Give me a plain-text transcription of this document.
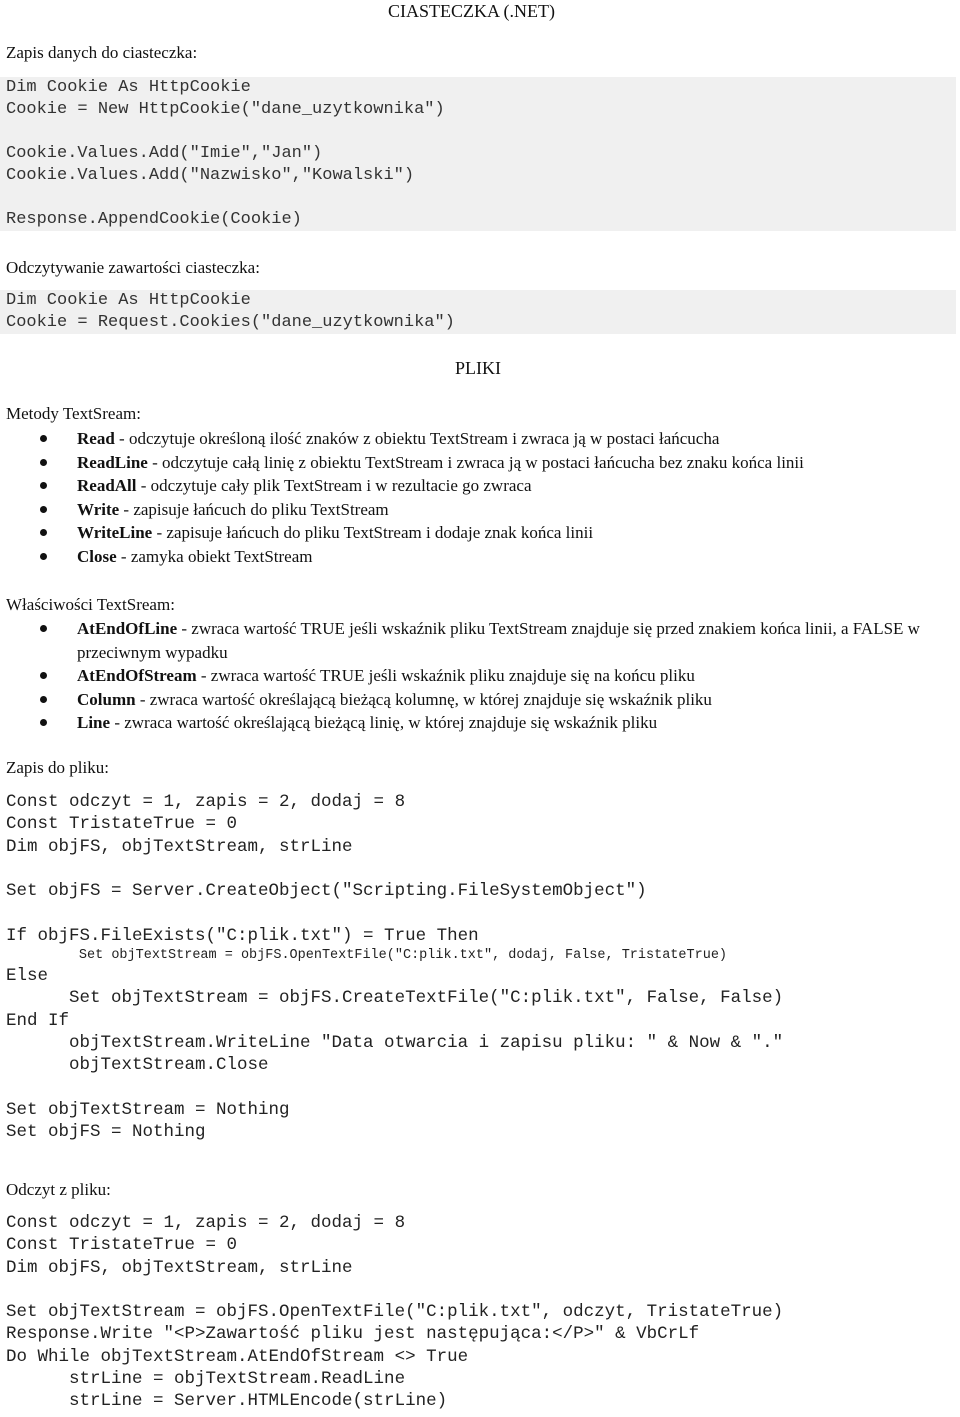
CIASTECZKA (.NET)

Zapis danych do ciasteczka:

Dim Cookie As HttpCookie
Cookie = New HttpCookie("dane_uzytkownika")
Cookie.Values.Add("Imie","Jan")
Cookie.Values.Add("Nazwisko","Kowalski")
Response.AppendCookie(Cookie)

Odczytywanie zawartości ciasteczka:

Dim Cookie As HttpCookie
Cookie = Request.Cookies("dane_uzytkownika")
PLIKI

Metody TextSream:

Read - odczytuje określoną ilość znaków z obiektu TextStream i zwraca ją w postaci łańcucha
ReadLine - odczytuje całą linię z obiektu TextStream i zwraca ją w postaci łańcucha bez znaku końca linii
ReadAll - odczytuje cały plik TextStream i w rezultacie go zwraca
Write - zapisuje łańcuch do pliku TextStream
WriteLine - zapisuje łańcuch do pliku TextStream i dodaje znak końca linii
Close - zamyka obiekt TextStream

Właściwości TextSream:

AtEndOfLine - zwraca wartość TRUE jeśli wskaźnik pliku TextStream znajduje się przed znakiem końca linii, a FALSE w przeciwnym wypadku
AtEndOfStream - zwraca wartość TRUE jeśli wskaźnik pliku znajduje się na końcu pliku
Column - zwraca wartość określającą bieżącą kolumnę, w której znajduje się wskaźnik pliku
Line - zwraca wartość określającą bieżącą linię, w której znajduje się wskaźnik pliku

Zapis do pliku:

Const odczyt = 1, zapis = 2, dodaj = 8
Const TristateTrue = 0
Dim objFS, objTextStream, strLine
Set objFS = Server.CreateObject("Scripting.FileSystemObject")
If objFS.FileExists("C:plik.txt") = True Then
Set objTextStream = objFS.OpenTextFile("C:plik.txt", dodaj, False, TristateTrue)
Else
Set objTextStream = objFS.CreateTextFile("C:plik.txt", False, False)
End If
objTextStream.WriteLine "Data otwarcia i zapisu pliku: " & Now & "."
objTextStream.Close
Set objTextStream = Nothing
Set objFS = Nothing

Odczyt z pliku:

Const odczyt = 1, zapis = 2, dodaj = 8
Const TristateTrue = 0
Dim objFS, objTextStream, strLine
Set objTextStream = objFS.OpenTextFile("C:plik.txt", odczyt, TristateTrue)
Response.Write "<P>Zawartość pliku jest następująca:</P>" & VbCrLf
Do While objTextStream.AtEndOfStream <> True
strLine = objTextStream.ReadLine
strLine = Server.HTMLEncode(strLine)
